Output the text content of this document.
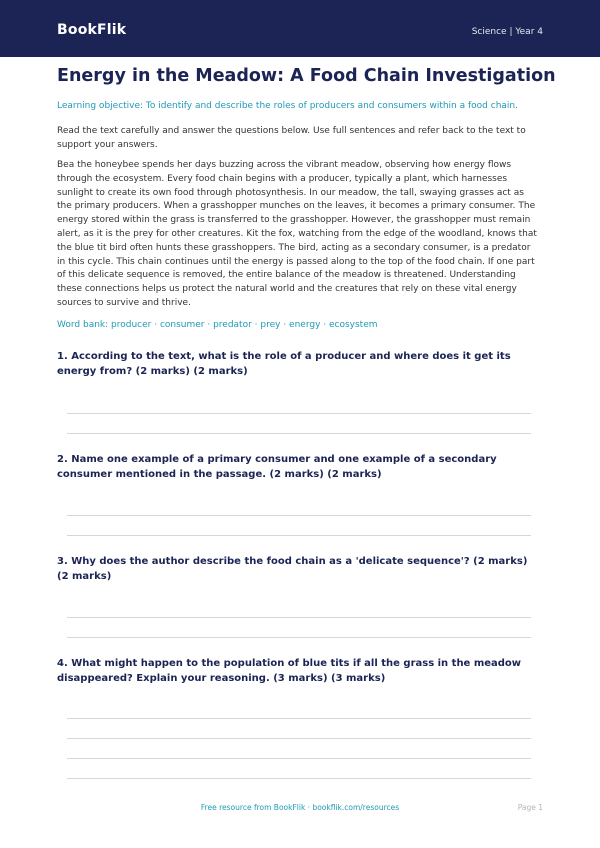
BookFlik	Science | Year 4
Energy in the Meadow: A Food Chain Investigation
Learning objective: To identify and describe the roles of producers and consumers within a food chain.
Read the text carefully and answer the questions below. Use full sentences and refer back to the text to support your answers.
Bea the honeybee spends her days buzzing across the vibrant meadow, observing how energy flows through the ecosystem. Every food chain begins with a producer, typically a plant, which harnesses sunlight to create its own food through photosynthesis. In our meadow, the tall, swaying grasses act as the primary producers. When a grasshopper munches on the leaves, it becomes a primary consumer. The energy stored within the grass is transferred to the grasshopper. However, the grasshopper must remain alert, as it is the prey for other creatures. Kit the fox, watching from the edge of the woodland, knows that the blue tit bird often hunts these grasshoppers. The bird, acting as a secondary consumer, is a predator in this cycle. This chain continues until the energy is passed along to the top of the food chain. If one part of this delicate sequence is removed, the entire balance of the meadow is threatened. Understanding these connections helps us protect the natural world and the creatures that rely on these vital energy sources to survive and thrive.
Word bank: producer · consumer · predator · prey · energy · ecosystem
1. According to the text, what is the role of a producer and where does it get its energy from? (2 marks) (2 marks)
2. Name one example of a primary consumer and one example of a secondary consumer mentioned in the passage. (2 marks) (2 marks)
3. Why does the author describe the food chain as a 'delicate sequence'? (2 marks) (2 marks)
4. What might happen to the population of blue tits if all the grass in the meadow disappeared? Explain your reasoning. (3 marks) (3 marks)
Free resource from BookFlik · bookflik.com/resources	Page 1
